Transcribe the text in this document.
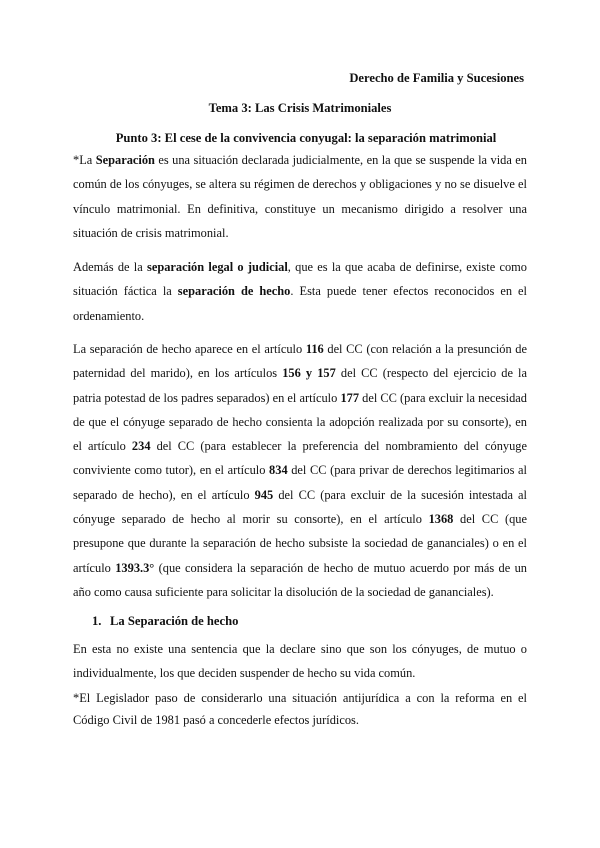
Derecho de Familia y Sucesiones
Tema 3: Las Crisis Matrimoniales
Punto 3: El cese de la convivencia conyugal: la separación matrimonial

*La Separación es una situación declarada judicialmente, en la que se suspende la vida en común de los cónyuges, se altera su régimen de derechos y obligaciones y no se disuelve el vínculo matrimonial. En definitiva, constituye un mecanismo dirigido a resolver una situación de crisis matrimonial.

Además de la separación legal o judicial, que es la que acaba de definirse, existe como situación fáctica la separación de hecho. Esta puede tener efectos reconocidos en el ordenamiento.

La separación de hecho aparece en el artículo 116 del CC (con relación a la presunción de paternidad del marido), en los artículos 156 y 157 del CC (respecto del ejercicio de la patria potestad de los padres separados) en el artículo 177 del CC (para excluir la necesidad de que el cónyuge separado de hecho consienta la adopción realizada por su consorte), en el artículo 234 del CC (para establecer la preferencia del nombramiento del cónyuge conviviente como tutor), en el artículo 834 del CC (para privar de derechos legitimarios al separado de hecho), en el artículo 945 del CC (para excluir de la sucesión intestada al cónyuge separado de hecho al morir su consorte), en el artículo 1368 del CC (que presupone que durante la separación de hecho subsiste la sociedad de gananciales) o en el artículo 1393.3° (que considera la separación de hecho de mutuo acuerdo por más de un año como causa suficiente para solicitar la disolución de la sociedad de gananciales).

1. La Separación de hecho

En esta no existe una sentencia que la declare sino que son los cónyuges, de mutuo o individualmente, los que deciden suspender de hecho su vida común.

*El Legislador paso de considerarlo una situación antijurídica a con la reforma en el Código Civil de 1981 pasó a concederle efectos jurídicos.
